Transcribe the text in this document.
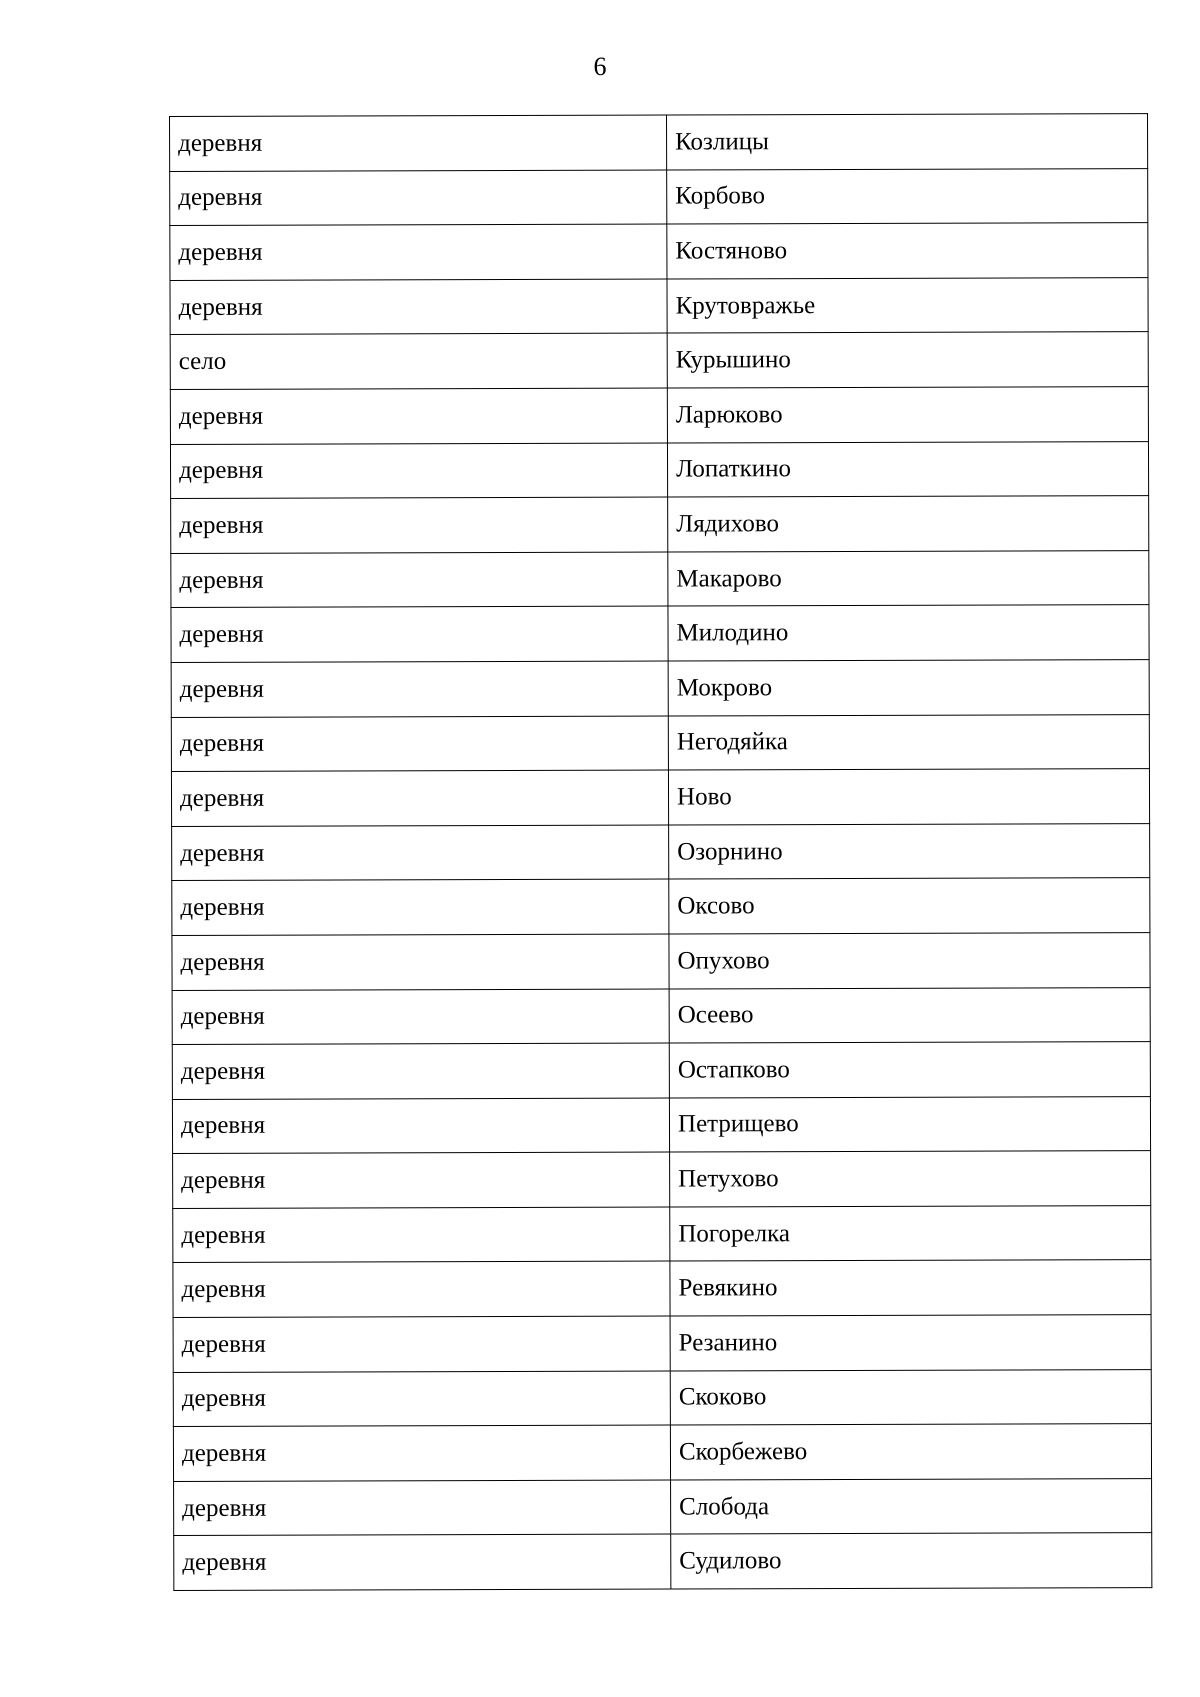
6
деревня	Козлицы
деревня	Корбово
деревня	Костяново
деревня	Крутовражье
село	Курышино
деревня	Ларюково
деревня	Лопаткино
деревня	Лядихово
деревня	Макарово
деревня	Милодино
деревня	Мокрово
деревня	Негодяйка
деревня	Ново
деревня	Озорнино
деревня	Оксово
деревня	Опухово
деревня	Осеево
деревня	Остапково
деревня	Петрищево
деревня	Петухово
деревня	Погорелка
деревня	Ревякино
деревня	Резанино
деревня	Скоково
деревня	Скорбежево
деревня	Слобода
деревня	Судилово
